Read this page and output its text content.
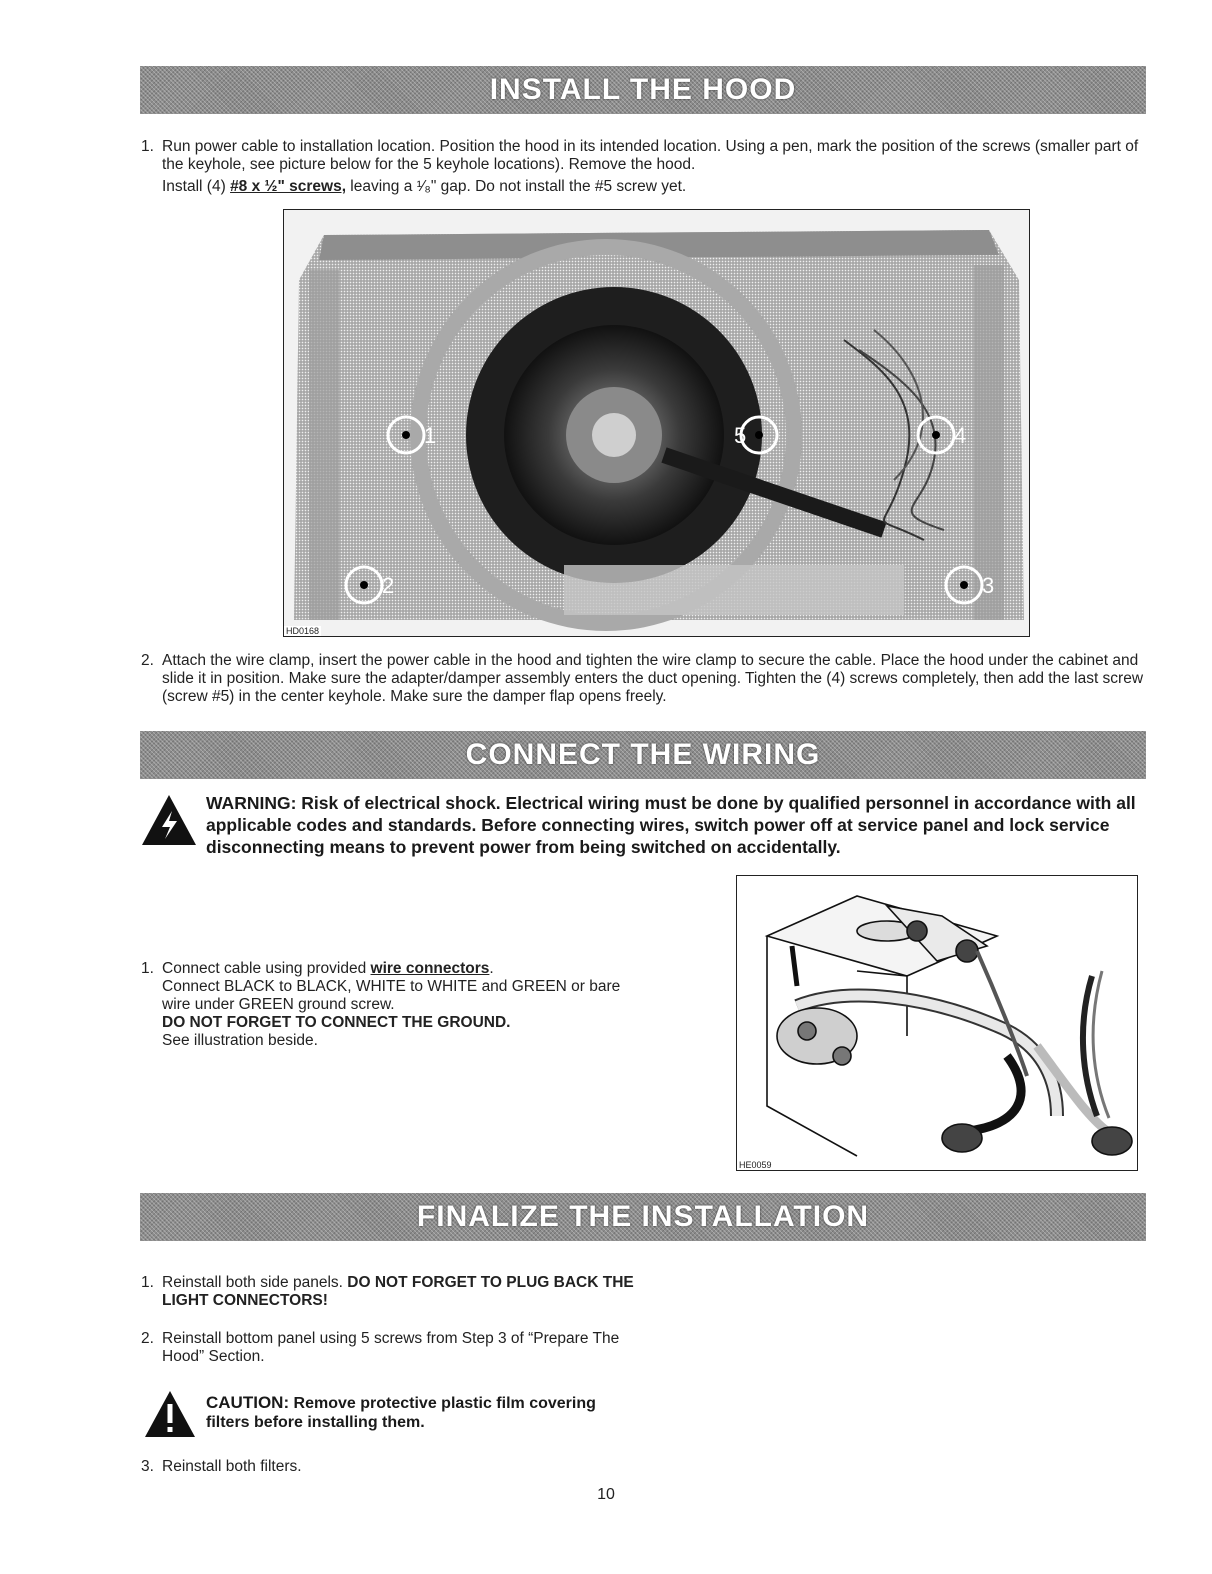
INSTALL THE HOOD
1. Run power cable to installation location. Position the hood in its intended location. Using a pen, mark the position of the screws (smaller part of the keyhole, see picture below for the 5 keyhole locations). Remove the hood.
Install (4) #8 x ½" screws, leaving a ¹⁄₈" gap. Do not install the #5 screw yet.
1
2	3
4
5
HD0168
2. Attach the wire clamp, insert the power cable in the hood and tighten the wire clamp to secure the cable. Place the hood under the cabinet and slide it in position. Make sure the adapter/damper assembly enters the duct opening. Tighten the (4) screws completely, then add the last screw (screw #5) in the center keyhole. Make sure the damper flap opens freely.
CONNECT THE WIRING
WARNING: Risk of electrical shock. Electrical wiring must be done by qualified personnel in accordance with all applicable codes and standards. Before connecting wires, switch power off at service panel and lock service disconnecting means to prevent power from being switched on accidentally.
1. Connect cable using provided wire connectors.
Connect BLACK to BLACK, WHITE to WHITE and GREEN or bare wire under GREEN ground screw.
DO NOT FORGET TO CONNECT THE GROUND.
See illustration beside.
HE0059
FINALIZE THE INSTALLATION
1. Reinstall both side panels. DO NOT FORGET TO PLUG BACK THE LIGHT CONNECTORS!
2. Reinstall bottom panel using 5 screws from Step 3 of “Prepare The Hood” Section.
CAUTION: Remove protective plastic film covering filters before installing them.
3. Reinstall both filters.
10
